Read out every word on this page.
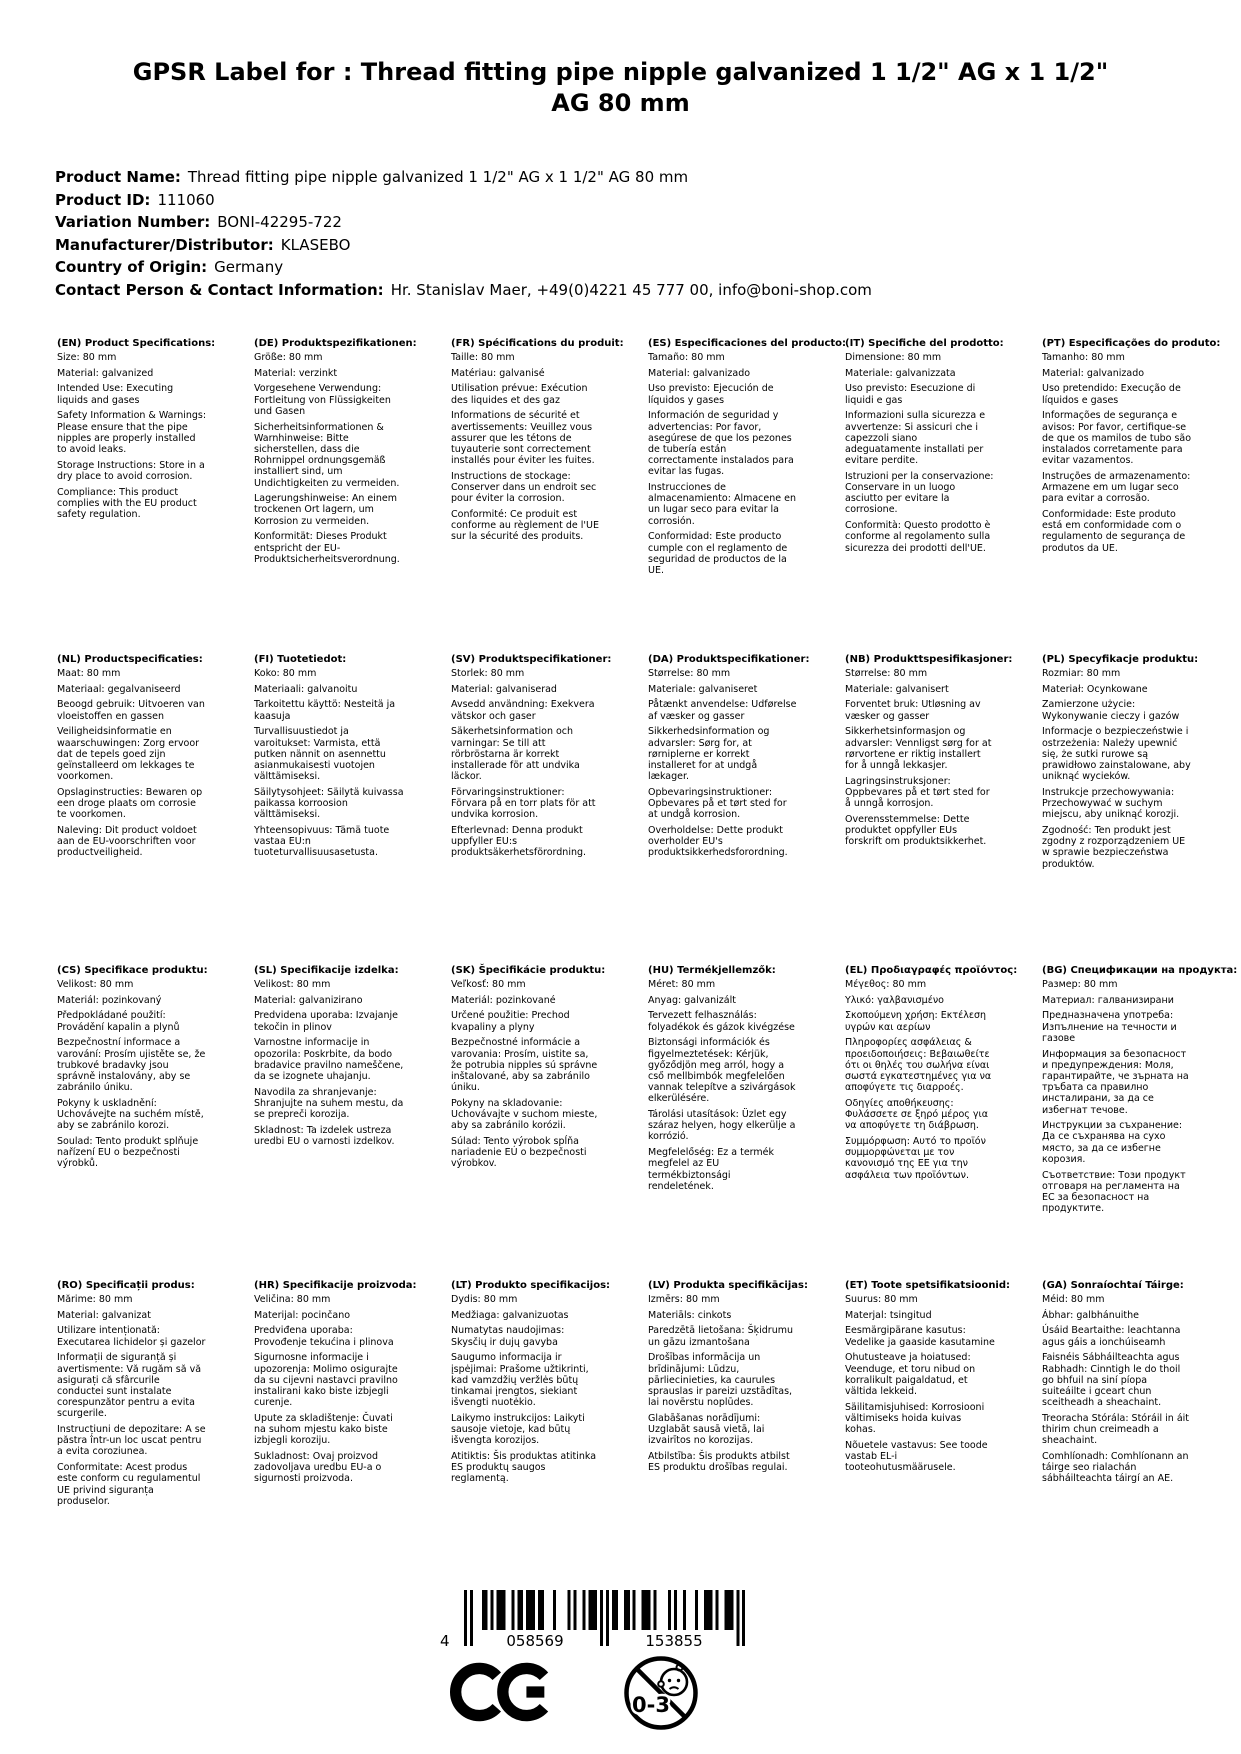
GPSR Label for : Thread fitting pipe nipple galvanized 1 1/2" AG x 1 1/2" AG 80 mm
Product Name: Thread fitting pipe nipple galvanized 1 1/2" AG x 1 1/2" AG 80 mm
Product ID: 111060
Variation Number: BONI-42295-722
Manufacturer/Distributor: KLASEBO
Country of Origin: Germany
Contact Person & Contact Information: Hr. Stanislav Maer, +49(0)4221 45 777 00, info@boni-shop.com
(EN) Product Specifications:

Size: 80 mm

Material: galvanized

Intended Use: Executing liquids and gases

Safety Information & Warnings: Please ensure that the pipe nipples are properly installed to avoid leaks.

Storage Instructions: Store in a dry place to avoid corrosion.

Compliance: This product complies with the EU product safety regulation.

(DE) Produktspezifikationen:

Größe: 80 mm

Material: verzinkt

Vorgesehene Verwendung: Fortleitung von Flüssigkeiten und Gasen

Sicherheitsinformationen & Warnhinweise: Bitte sicherstellen, dass die Rohrnippel ordnungsgemäß installiert sind, um Undichtigkeiten zu vermeiden.

Lagerungshinweise: An einem trockenen Ort lagern, um Korrosion zu vermeiden.

Konformität: Dieses Produkt entspricht der EU-Produktsicherheitsverordnung.

(FR) Spécifications du produit:

Taille: 80 mm

Matériau: galvanisé

Utilisation prévue: Exécution des liquides et des gaz

Informations de sécurité et avertissements: Veuillez vous assurer que les tétons de tuyauterie sont correctement installés pour éviter les fuites.

Instructions de stockage: Conserver dans un endroit sec pour éviter la corrosion.

Conformité: Ce produit est conforme au règlement de l'UE sur la sécurité des produits.

(ES) Especificaciones del producto:

Tamaño: 80 mm

Material: galvanizado

Uso previsto: Ejecución de líquidos y gases

Información de seguridad y advertencias: Por favor, asegúrese de que los pezones de tubería están correctamente instalados para evitar las fugas.

Instrucciones de almacenamiento: Almacene en un lugar seco para evitar la corrosión.

Conformidad: Este producto cumple con el reglamento de seguridad de productos de la UE.

(IT) Specifiche del prodotto:

Dimensione: 80 mm

Materiale: galvanizzata

Uso previsto: Esecuzione di liquidi e gas

Informazioni sulla sicurezza e avvertenze: Si assicuri che i capezzoli siano adeguatamente installati per evitare perdite.

Istruzioni per la conservazione: Conservare in un luogo asciutto per evitare la corrosione.

Conformità: Questo prodotto è conforme al regolamento sulla sicurezza dei prodotti dell'UE.

(PT) Especificações do produto:

Tamanho: 80 mm

Material: galvanizado

Uso pretendido: Execução de líquidos e gases

Informações de segurança e avisos: Por favor, certifique-se de que os mamilos de tubo são instalados corretamente para evitar vazamentos.

Instruções de armazenamento: Armazene em um lugar seco para evitar a corrosão.

Conformidade: Este produto está em conformidade com o regulamento de segurança de produtos da UE.

(NL) Productspecificaties:

Maat: 80 mm

Materiaal: gegalvaniseerd

Beoogd gebruik: Uitvoeren van vloeistoffen en gassen

Veiligheidsinformatie en waarschuwingen: Zorg ervoor dat de tepels goed zijn geïnstalleerd om lekkages te voorkomen.

Opslaginstructies: Bewaren op een droge plaats om corrosie te voorkomen.

Naleving: Dit product voldoet aan de EU-voorschriften voor productveiligheid.

(FI) Tuotetiedot:

Koko: 80 mm

Materiaali: galvanoitu

Tarkoitettu käyttö: Nesteitä ja kaasuja

Turvallisuustiedot ja varoitukset: Varmista, että putken nännit on asennettu asianmukaisesti vuotojen välttämiseksi.

Säilytysohjeet: Säilytä kuivassa paikassa korroosion välttämiseksi.

Yhteensopivuus: Tämä tuote vastaa EU:n tuoteturvallisuusasetusta.

(SV) Produktspecifikationer:

Storlek: 80 mm

Material: galvaniserad

Avsedd användning: Exekvera vätskor och gaser

Säkerhetsinformation och varningar: Se till att rörbröstarna är korrekt installerade för att undvika läckor.

Förvaringsinstruktioner: Förvara på en torr plats för att undvika korrosion.

Efterlevnad: Denna produkt uppfyller EU:s produktsäkerhetsförordning.

(DA) Produktspecifikationer:

Størrelse: 80 mm

Materiale: galvaniseret

Påtænkt anvendelse: Udførelse af væsker og gasser

Sikkerhedsinformation og advarsler: Sørg for, at rørniplerne er korrekt installeret for at undgå lækager.

Opbevaringsinstruktioner: Opbevares på et tørt sted for at undgå korrosion.

Overholdelse: Dette produkt overholder EU's produktsikkerhedsforordning.

(NB) Produkttspesifikasjoner:

Størrelse: 80 mm

Materiale: galvanisert

Forventet bruk: Utløsning av væsker og gasser

Sikkerhetsinformasjon og advarsler: Vennligst sørg for at rørvortene er riktig installert for å unngå lekkasjer.

Lagringsinstruksjoner: Oppbevares på et tørt sted for å unngå korrosjon.

Overensstemmelse: Dette produktet oppfyller EUs forskrift om produktsikkerhet.

(PL) Specyfikacje produktu:

Rozmiar: 80 mm

Materiał: Ocynkowane

Zamierzone użycie: Wykonywanie cieczy i gazów

Informacje o bezpieczeństwie i ostrzeżenia: Należy upewnić się, że sutki rurowe są prawidłowo zainstalowane, aby uniknąć wycieków.

Instrukcje przechowywania: Przechowywać w suchym miejscu, aby uniknąć korozji.

Zgodność: Ten produkt jest zgodny z rozporządzeniem UE w sprawie bezpieczeństwa produktów.

(CS) Specifikace produktu:

Velikost: 80 mm

Materiál: pozinkovaný

Předpokládané použití: Provádění kapalin a plynů

Bezpečnostní informace a varování: Prosím ujistěte se, že trubkové bradavky jsou správně instalovány, aby se zabránilo úniku.

Pokyny k uskladnění: Uchovávejte na suchém místě, aby se zabránilo korozi.

Soulad: Tento produkt splňuje nařízení EU o bezpečnosti výrobků.

(SL) Specifikacije izdelka:

Velikost: 80 mm

Material: galvanizirano

Predvidena uporaba: Izvajanje tekočin in plinov

Varnostne informacije in opozorila: Poskrbite, da bodo bradavice pravilno nameščene, da se izognete uhajanju.

Navodila za shranjevanje: Shranjujte na suhem mestu, da se prepreči korozija.

Skladnost: Ta izdelek ustreza uredbi EU o varnosti izdelkov.

(SK) Špecifikácie produktu:

Veľkosť: 80 mm

Materiál: pozinkované

Určené použitie: Prechod kvapaliny a plyny

Bezpečnostné informácie a varovania: Prosím, uistite sa, že potrubia nipples sú správne inštalované, aby sa zabránilo úniku.

Pokyny na skladovanie: Uchovávajte v suchom mieste, aby sa zabránilo korózii.

Súlad: Tento výrobok spĺňa nariadenie EÚ o bezpečnosti výrobkov.

(HU) Termékjellemzők:

Méret: 80 mm

Anyag: galvanizált

Tervezett felhasználás: folyadékok és gázok kivégzése

Biztonsági információk és figyelmeztetések: Kérjük, győződjön meg arról, hogy a cső mellbimbók megfelelően vannak telepítve a szivárgások elkerülésére.

Tárolási utasítások: Üzlet egy száraz helyen, hogy elkerülje a korrózió.

Megfelelőség: Ez a termék megfelel az EU termékbiztonsági rendeletének.

(EL) Προδιαγραφές προϊόντος:

Μέγεθος: 80 mm

Υλικό: γαλβανισμένο

Σκοπούμενη χρήση: Εκτέλεση υγρών και αερίων

Πληροφορίες ασφάλειας & προειδοποιήσεις: Βεβαιωθείτε ότι οι θηλές του σωλήνα είναι σωστά εγκατεστημένες για να αποφύγετε τις διαρροές.

Οδηγίες αποθήκευσης: Φυλάσσετε σε ξηρό μέρος για να αποφύγετε τη διάβρωση.

Συμμόρφωση: Αυτό το προϊόν συμμορφώνεται με τον κανονισμό της ΕΕ για την ασφάλεια των προϊόντων.

(BG) Спецификации на продукта:

Размер: 80 mm

Материал: галванизирани

Предназначена употреба: Изпълнение на течности и газове

Информация за безопасност и предупреждения: Моля, гарантирайте, че зърната на тръбата са правилно инсталирани, за да се избегнат течове.

Инструкции за съхранение: Да се съхранява на сухо място, за да се избегне корозия.

Съответствие: Този продукт отговаря на регламента на ЕС за безопасност на продуктите.

(RO) Specificații produs:

Mărime: 80 mm

Material: galvanizat

Utilizare intenționată: Executarea lichidelor și gazelor

Informații de siguranță și avertismente: Vă rugăm să vă asigurați că sfârcurile conductei sunt instalate corespunzător pentru a evita scurgerile.

Instrucțiuni de depozitare: A se păstra într-un loc uscat pentru a evita coroziunea.

Conformitate: Acest produs este conform cu regulamentul UE privind siguranța produselor.

(HR) Specifikacije proizvoda:

Veličina: 80 mm

Materijal: pocinčano

Predviđena uporaba: Provođenje tekućina i plinova

Sigurnosne informacije i upozorenja: Molimo osigurajte da su cijevni nastavci pravilno instalirani kako biste izbjegli curenje.

Upute za skladištenje: Čuvati na suhom mjestu kako biste izbjegli koroziju.

Sukladnost: Ovaj proizvod zadovoljava uredbu EU-a o sigurnosti proizvoda.

(LT) Produkto specifikacijos:

Dydis: 80 mm

Medžiaga: galvanizuotas

Numatytas naudojimas: Skysčių ir dujų gavyba

Saugumo informacija ir įspėjimai: Prašome užtikrinti, kad vamzdžių veržlės būtų tinkamai įrengtos, siekiant išvengti nuotėkio.

Laikymo instrukcijos: Laikyti sausoje vietoje, kad būtų išvengta korozijos.

Atitiktis: Šis produktas atitinka ES produktų saugos reglamentą.

(LV) Produkta specifikācijas:

Izmērs: 80 mm

Materiāls: cinkots

Paredzētā lietošana: Šķidrumu un gāzu izmantošana

Drošības informācija un brīdinājumi: Lūdzu, pārliecinieties, ka caurules sprauslas ir pareizi uzstādītas, lai novērstu noplūdes.

Glabāšanas norādījumi: Uzglabāt sausā vietā, lai izvairītos no korozijas.

Atbilstība: Šis produkts atbilst ES produktu drošības regulai.

(ET) Toote spetsifikatsioonid:

Suurus: 80 mm

Materjal: tsingitud

Eesmärgipärane kasutus: Vedelike ja gaaside kasutamine

Ohutusteave ja hoiatused: Veenduge, et toru nibud on korralikult paigaldatud, et vältida lekkeid.

Säilitamisjuhised: Korrosiooni vältimiseks hoida kuivas kohas.

Nõuetele vastavus: See toode vastab EL-i tooteohutusmäärusele.

(GA) Sonraíochtaí Táirge:

Méid: 80 mm

Ábhar: galbhánuithe

Úsáid Beartaithe: leachtanna agus gáis a ionchúiseamh

Faisnéis Sábháilteachta agus Rabhadh: Cinntigh le do thoil go bhfuil na siní píopa suiteáilte i gceart chun sceitheadh a sheachaint.

Treoracha Stórála: Stóráil in áit thirim chun creimeadh a sheachaint.

Comhlíonadh: Comhlíonann an táirge seo rialachán sábháilteachta táirgí an AE.

4	058569	153855
0-3
